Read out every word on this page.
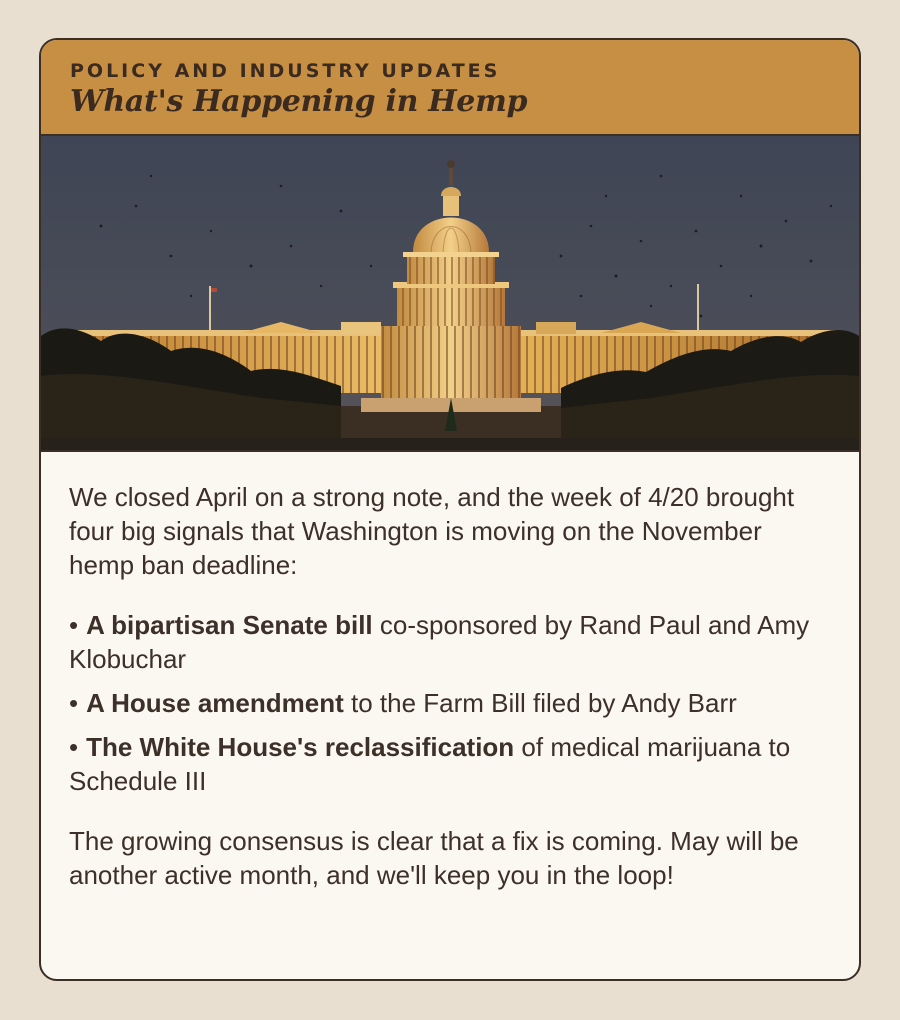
POLICY AND INDUSTRY UPDATES
What's Happening in Hemp

We closed April on a strong note, and the week of 4/20 brought four big signals that Washington is moving on the November hemp ban deadline:

• A bipartisan Senate bill co-sponsored by Rand Paul and Amy Klobuchar
• A House amendment to the Farm Bill filed by Andy Barr
• The White House's reclassification of medical marijuana to Schedule III

The growing consensus is clear that a fix is coming. May will be another active month, and we'll keep you in the loop!
